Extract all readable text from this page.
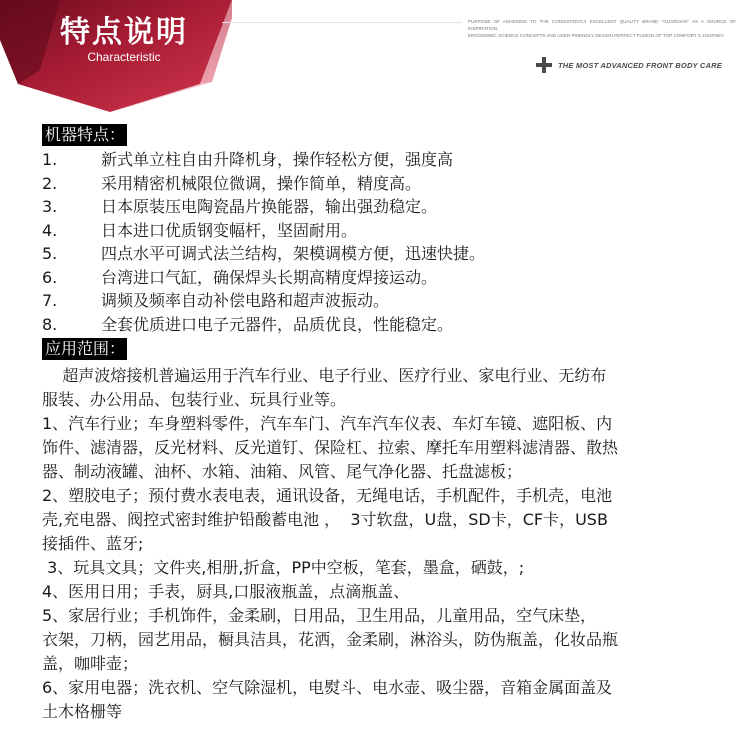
特点说明
Characteristic
PURPOSE OF ADHERING TO THE CONSISTENTLY EXCELLENT QUALITY BRAND "GUARDIAN" AS A SOURCE OF INSPIRATION,
ERGONOMIC SCIENCE CONCEPTS AND USER-FRIENDLY DESIGN PERFECT FUSION OF TOP COMFORT S JOURNEY.
THE MOST ADVANCED FRONT BODY CARE
机器特点：
1.	新式单立柱自由升降机身，操作轻松方便，强度高
2.	采用精密机械限位微调，操作简单，精度高。
3.	日本原装压电陶瓷晶片换能器，输出强劲稳定。
4.	日本进口优质钢变幅杆，坚固耐用。
5.	四点水平可调式法兰结构，架模调模方便，迅速快捷。
6.	台湾进口气缸，确保焊头长期高精度焊接运动。
7.	调频及频率自动补偿电路和超声波振动。
8.	全套优质进口电子元器件，品质优良，性能稳定。
应用范围：
超声波熔接机普遍运用于汽车行业、电子行业、医疗行业、家电行业、无纺布
服装、办公用品、包装行业、玩具行业等。
1、汽车行业；车身塑料零件，汽车车门、汽车汽车仪表、车灯车镜、遮阳板、内
饰件、滤清器，反光材料、反光道钉、保险杠、拉索、摩托车用塑料滤清器、散热
器、制动液罐、油杯、水箱、油箱、风管、尾气净化器、托盘滤板；
2、塑胶电子；预付费水表电表，通讯设备，无绳电话，手机配件，手机壳，电池
壳,充电器、阀控式密封维护铅酸蓄电池 ，  3寸软盘，U盘，SD卡，CF卡，USB
接插件、蓝牙;
3、玩具文具；文件夹,相册,折盒，PP中空板，笔套，墨盒，硒鼓，;
4、医用日用；手表，厨具,口服液瓶盖，点滴瓶盖、
5、家居行业；手机饰件，金柔刷，日用品，卫生用品，儿童用品，空气床垫，
衣架，刀柄，园艺用品，橱具洁具，花洒，金柔刷，淋浴头，防伪瓶盖，化妆品瓶
盖，咖啡壶；
6、家用电器；洗衣机、空气除湿机，电熨斗、电水壶、吸尘器，音箱金属面盖及
土木格栅等
